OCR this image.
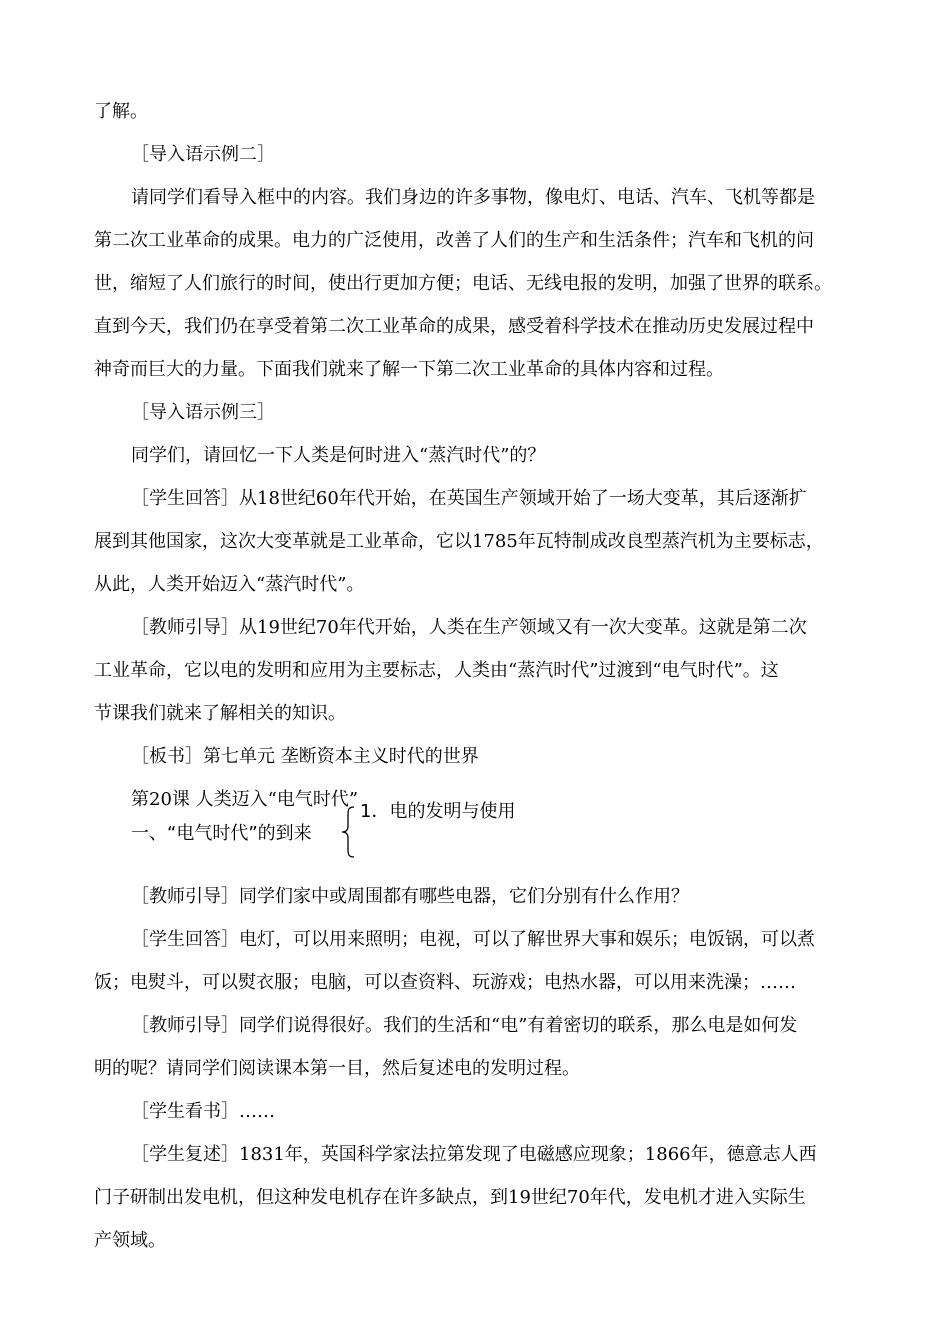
了解。
［导入语示例二］
请同学们看导入框中的内容。我们身边的许多事物，像电灯、电话、汽车、飞机等都是
第二次工业革命的成果。电力的广泛使用，改善了人们的生产和生活条件；汽车和飞机的问
世，缩短了人们旅行的时间，使出行更加方便；电话、无线电报的发明，加强了世界的联系。
直到今天，我们仍在享受着第二次工业革命的成果，感受着科学技术在推动历史发展过程中
神奇而巨大的力量。下面我们就来了解一下第二次工业革命的具体内容和过程。
［导入语示例三］
同学们，请回忆一下人类是何时进入“蒸汽时代”的？
［学生回答］从18世纪60年代开始，在英国生产领域开始了一场大变革，其后逐渐扩
展到其他国家，这次大变革就是工业革命，它以1785年瓦特制成改良型蒸汽机为主要标志，
从此，人类开始迈入“蒸汽时代”。
［教师引导］从19世纪70年代开始，人类在生产领域又有一次大变革。这就是第二次
工业革命，它以电的发明和应用为主要标志，人类由“蒸汽时代”过渡到“电气时代”。这
节课我们就来了解相关的知识。
［板书］第七单元 垄断资本主义时代的世界
第20课 人类迈入“电气时代”
一、“电气时代”的到来
1．电的发明与使用
［教师引导］同学们家中或周围都有哪些电器，它们分别有什么作用？
［学生回答］电灯，可以用来照明；电视，可以了解世界大事和娱乐；电饭锅，可以煮
饭；电熨斗，可以熨衣服；电脑，可以查资料、玩游戏；电热水器，可以用来洗澡；……
［教师引导］同学们说得很好。我们的生活和“电”有着密切的联系，那么电是如何发
明的呢？请同学们阅读课本第一目，然后复述电的发明过程。
［学生看书］……
［学生复述］1831年，英国科学家法拉第发现了电磁感应现象；1866年，德意志人西
门子研制出发电机，但这种发电机存在许多缺点，到19世纪70年代，发电机才进入实际生
产领域。
